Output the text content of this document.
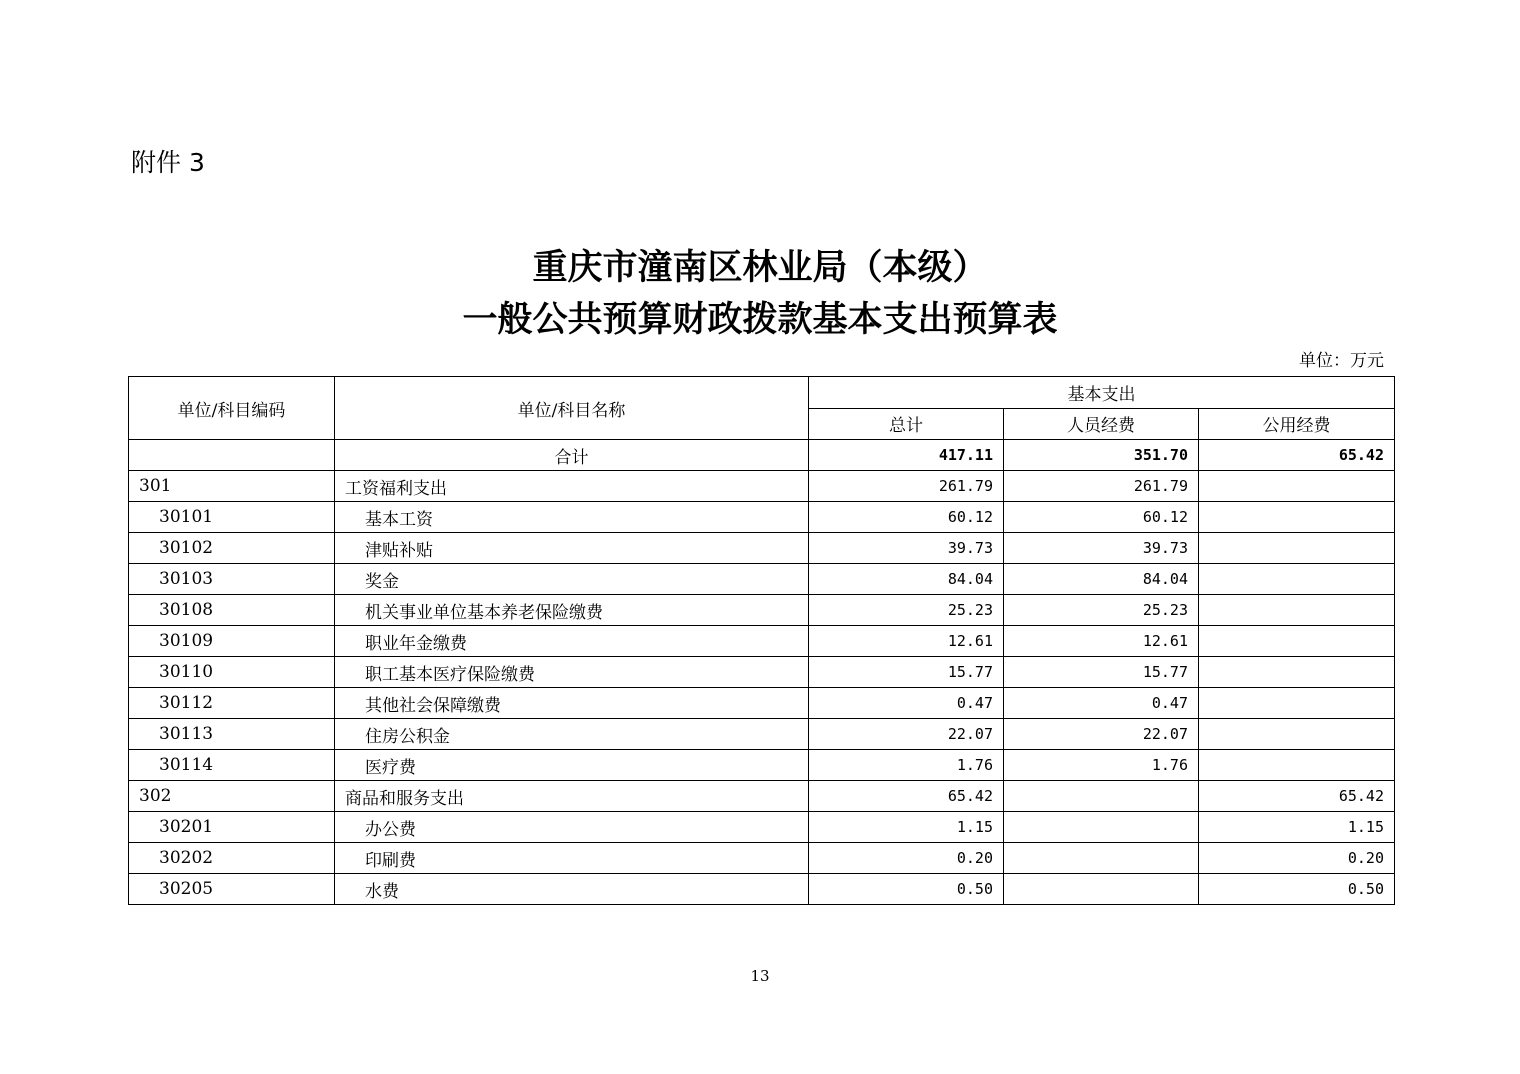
附件 3
重庆市潼南区林业局（本级）
一般公共预算财政拨款基本支出预算表
单位：万元
单位/科目编码	单位/科目名称	基本支出		
		总计	人员经费	公用经费
	合计	417.11	351.70	65.42
301	工资福利支出	261.79	261.79	
30101	基本工资	60.12	60.12	
30102	津贴补贴	39.73	39.73	
30103	奖金	84.04	84.04	
30108	机关事业单位基本养老保险缴费	25.23	25.23	
30109	职业年金缴费	12.61	12.61	
30110	职工基本医疗保险缴费	15.77	15.77	
30112	其他社会保障缴费	0.47	0.47	
30113	住房公积金	22.07	22.07	
30114	医疗费	1.76	1.76	
302	商品和服务支出	65.42		65.42
30201	办公费	1.15		1.15
30202	印刷费	0.20		0.20
30205	水费	0.50		0.50
13
